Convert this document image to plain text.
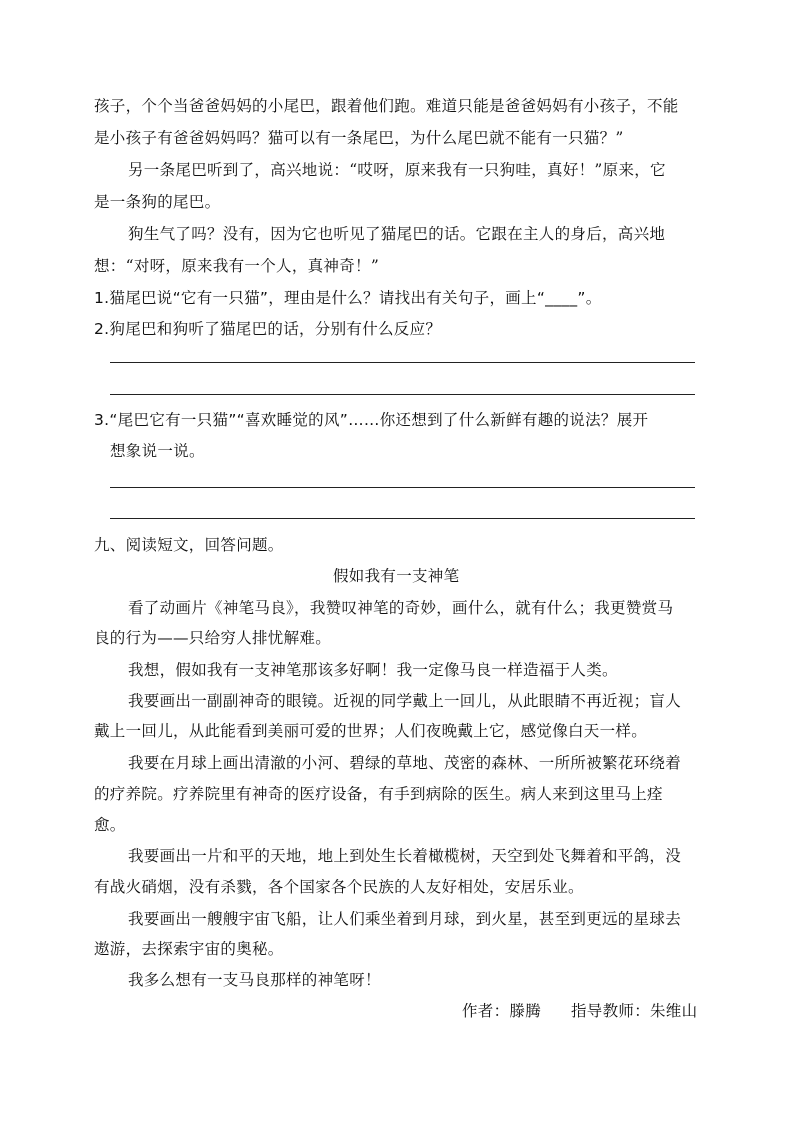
孩子，个个当爸爸妈妈的小尾巴，跟着他们跑。难道只能是爸爸妈妈有小孩子，不能
是小孩子有爸爸妈妈吗？猫可以有一条尾巴，为什么尾巴就不能有一只猫？”
另一条尾巴听到了，高兴地说：“哎呀，原来我有一只狗哇，真好！”原来，它
是一条狗的尾巴。
狗生气了吗？没有，因为它也听见了猫尾巴的话。它跟在主人的身后，高兴地
想：“对呀，原来我有一个人，真神奇！”
1.猫尾巴说“它有一只猫”，理由是什么？请找出有关句子，画上“____”。
2.狗尾巴和狗听了猫尾巴的话，分别有什么反应？
3.“尾巴它有一只猫”“喜欢睡觉的风”……你还想到了什么新鲜有趣的说法？展开
想象说一说。
九、阅读短文，回答问题。
假如我有一支神笔
看了动画片《神笔马良》，我赞叹神笔的奇妙，画什么，就有什么；我更赞赏马
良的行为——只给穷人排忧解难。
我想，假如我有一支神笔那该多好啊！我一定像马良一样造福于人类。
我要画出一副副神奇的眼镜。近视的同学戴上一回儿，从此眼睛不再近视；盲人
戴上一回儿，从此能看到美丽可爱的世界；人们夜晚戴上它，感觉像白天一样。
我要在月球上画出清澈的小河、碧绿的草地、茂密的森林、一所所被繁花环绕着
的疗养院。疗养院里有神奇的医疗设备，有手到病除的医生。病人来到这里马上痊
愈。
我要画出一片和平的天地，地上到处生长着橄榄树，天空到处飞舞着和平鸽，没
有战火硝烟，没有杀戮，各个国家各个民族的人友好相处，安居乐业。
我要画出一艘艘宇宙飞船，让人们乘坐着到月球，到火星，甚至到更远的星球去
遨游，去探索宇宙的奥秘。
我多么想有一支马良那样的神笔呀！
作者：滕腾 指导教师：朱维山
